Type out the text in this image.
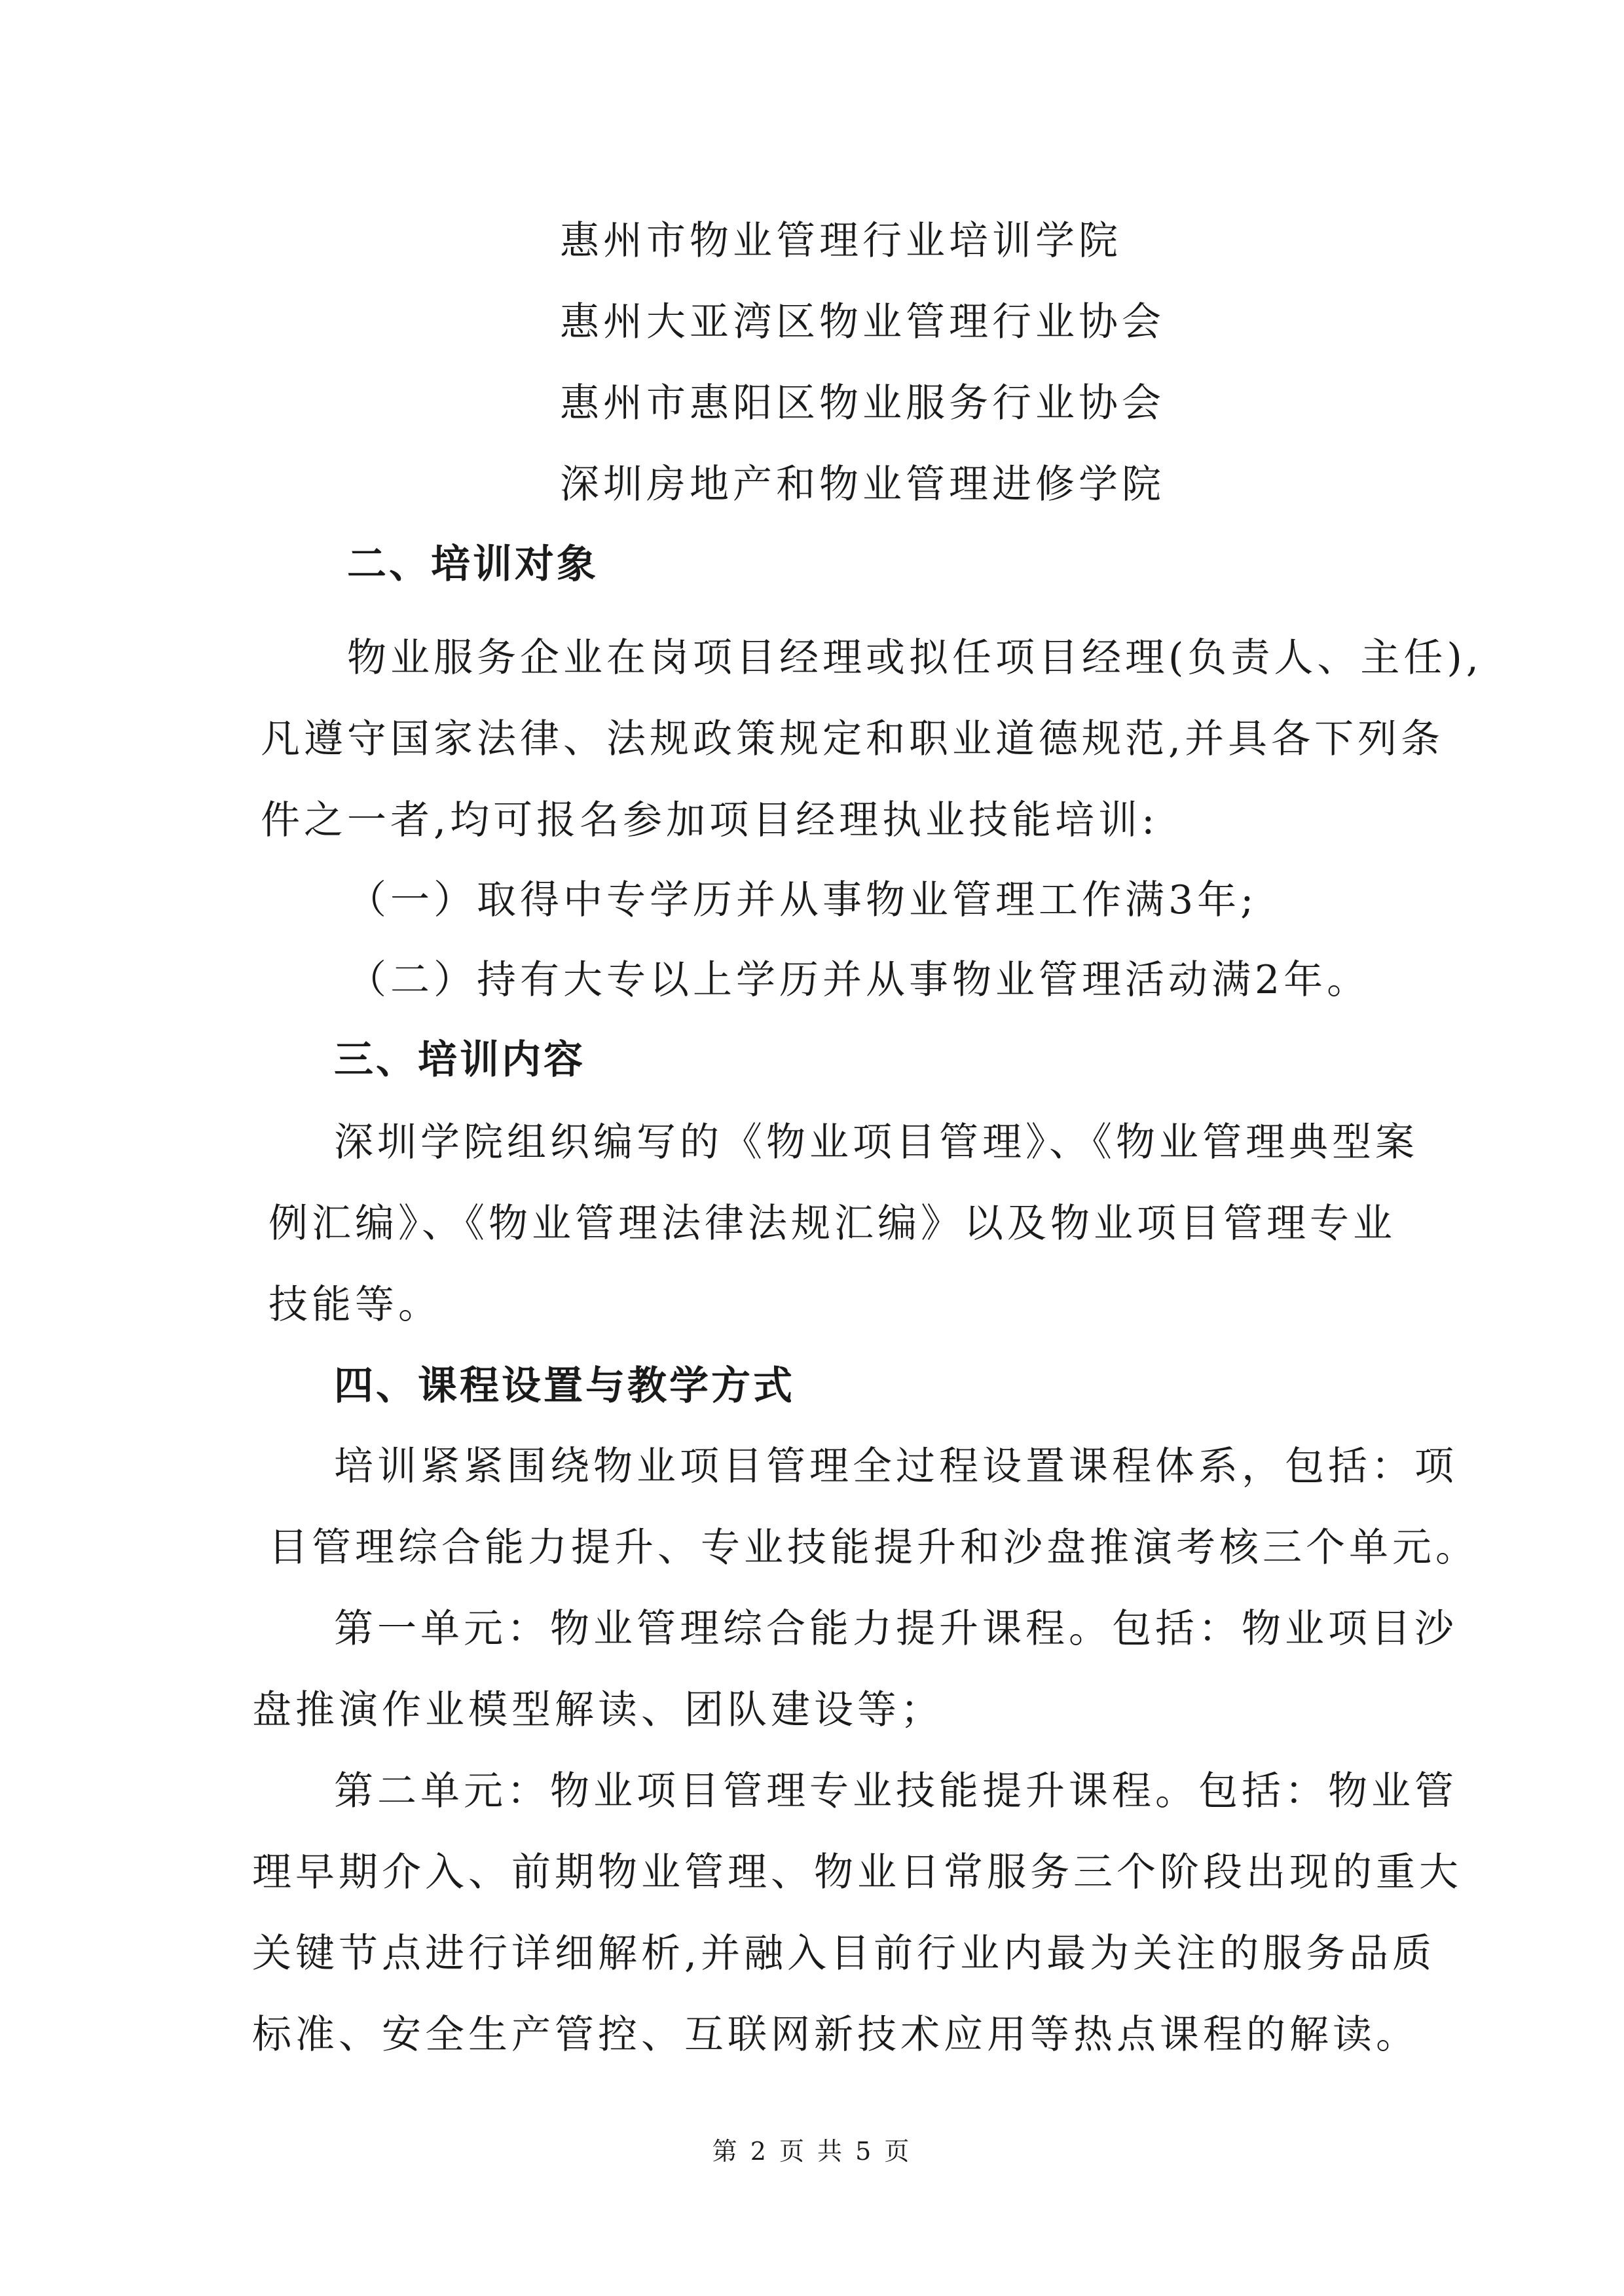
惠州市物业管理行业培训学院
惠州大亚湾区物业管理行业协会
惠州市惠阳区物业服务行业协会
深圳房地产和物业管理进修学院
二、培训对象
物业服务企业在岗项目经理或拟任项目经理(负责人、主任),
凡遵守国家法律、法规政策规定和职业道德规范,并具各下列条
件之一者,均可报名参加项目经理执业技能培训:
（一）取得中专学历并从事物业管理工作满3年;
（二）持有大专以上学历并从事物业管理活动满2年。
三、培训内容
深圳学院组织编写的《物业项目管理》、《物业管理典型案
例汇编》、《物业管理法律法规汇编》以及物业项目管理专业
技能等。
四、课程设置与教学方式
培训紧紧围绕物业项目管理全过程设置课程体系，包括：项
目管理综合能力提升、专业技能提升和沙盘推演考核三个单元。
第一单元：物业管理综合能力提升课程。包括：物业项目沙
盘推演作业模型解读、团队建设等；
第二单元：物业项目管理专业技能提升课程。包括：物业管
理早期介入、前期物业管理、物业日常服务三个阶段出现的重大
关键节点进行详细解析,并融入目前行业内最为关注的服务品质
标准、安全生产管控、互联网新技术应用等热点课程的解读。
第 2 页 共 5 页
